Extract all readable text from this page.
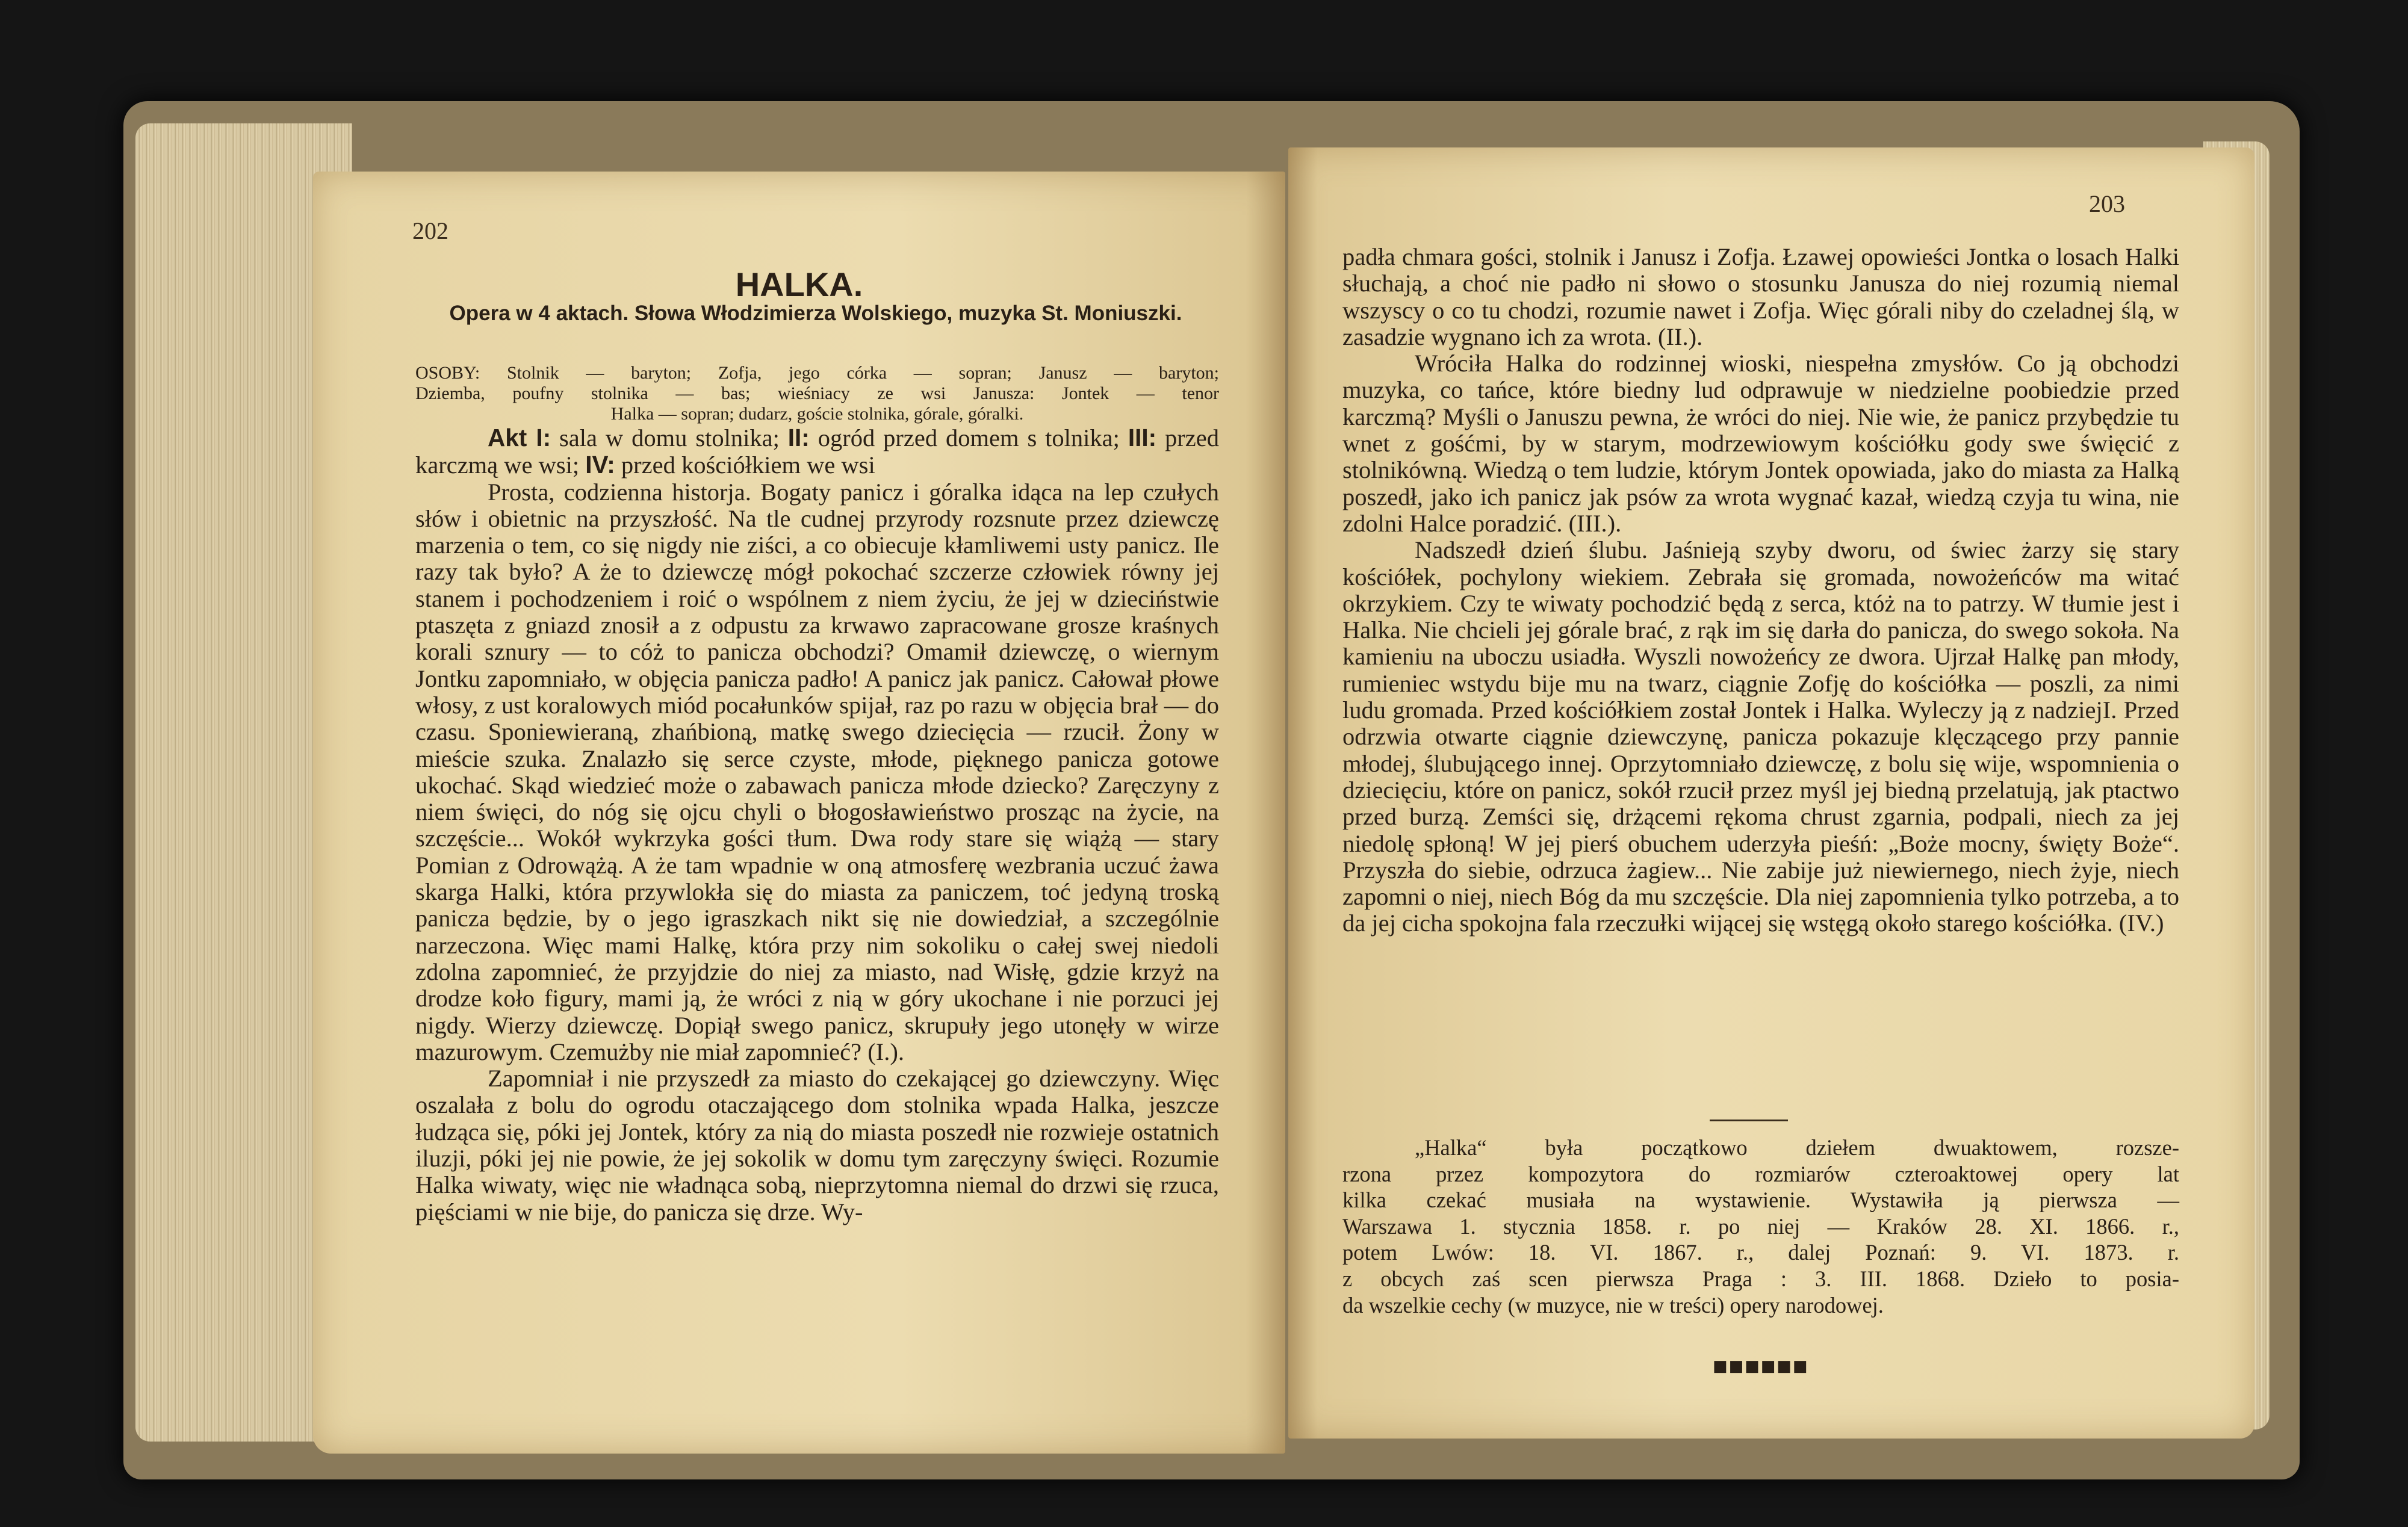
202
HALKA.
Opera w 4 aktach. Słowa Włodzimierza Wolskiego, muzyka St. Moniuszki.
OSOBY: Stolnik — baryton; Zofja, jego córka — sopran; Janusz — baryton;
Dziemba, poufny stolnika — bas; wieśniacy ze wsi Janusza: Jontek — tenor
Halka — sopran; dudarz, goście stolnika, górale, góralki.

Akt I: sala w domu stolnika; II: ogród przed domem s tolnika; III: przed karczmą we wsi; IV: przed kościółkiem we wsi

Prosta, codzienna historja. Bogaty panicz i góralka idąca na lep czułych słów i obietnic na przyszłość. Na tle cudnej przyrody rozsnute przez dziewczę marzenia o tem, co się nigdy nie ziści, a co obiecuje kłamliwemi usty panicz. Ile razy tak było? A że to dziewczę mógł pokochać szczerze człowiek równy jej stanem i pochodzeniem i roić o wspólnem z niem życiu, że jej w dzieciństwie ptaszęta z gniazd znosił a z odpustu za krwawo zapracowane grosze kraśnych korali sznury — to cóż to panicza obchodzi? Omamił dziewczę, o wiernym Jontku zapomniało, w objęcia panicza padło! A panicz jak panicz. Całował płowe włosy, z ust koralowych miód pocałunków spijał, raz po razu w objęcia brał — do czasu. Sponiewieraną, zhańbioną, matkę swego dziecięcia — rzucił. Żony w mieście szuka. Znalazło się serce czyste, młode, pięknego panicza gotowe ukochać. Skąd wiedzieć może o zabawach panicza młode dziecko? Zaręczyny z niem święci, do nóg się ojcu chyli o błogosławieństwo prosząc na życie, na szczęście... Wokół wykrzyka gości tłum. Dwa rody stare się wiążą — stary Pomian z Odrowążą. A że tam wpadnie w oną atmosferę wezbrania uczuć żawa skarga Halki, która przywlokła się do miasta za paniczem, toć jedyną troską panicza będzie, by o jego igraszkach nikt się nie dowiedział, a szczególnie narzeczona. Więc mami Halkę, która przy nim sokoliku o całej swej niedoli zdolna zapomnieć, że przyjdzie do niej za miasto, nad Wisłę, gdzie krzyż na drodze koło figury, mami ją, że wróci z nią w góry ukochane i nie porzuci jej nigdy. Wierzy dziewczę. Dopiął swego panicz, skrupuły jego utonęły w wirze mazurowym. Czemużby nie miał zapomnieć? (I.).

Zapomniał i nie przyszedł za miasto do czekającej go dziewczyny. Więc oszalała z bolu do ogrodu otaczającego dom stolnika wpada Halka, jeszcze łudząca się, póki jej Jontek, który za nią do miasta poszedł nie rozwieje ostatnich iluzji, póki jej nie powie, że jej sokolik w domu tym zaręczyny święci. Rozumie Halka wiwaty, więc nie władnąca sobą, nieprzytomna niemal do drzwi się rzuca, pięściami w nie bije, do panicza się drze. Wy-

203

padła chmara gości, stolnik i Janusz i Zofja. Łzawej opowieści Jontka o losach Halki słuchają, a choć nie padło ni słowo o stosunku Janusza do niej rozumią niemal wszyscy o co tu chodzi, rozumie nawet i Zofja. Więc górali niby do czeladnej ślą, w zasadzie wygnano ich za wrota. (II.).

Wróciła Halka do rodzinnej wioski, niespełna zmysłów. Co ją obchodzi muzyka, co tańce, które biedny lud odprawuje w niedzielne poobiedzie przed karczmą? Myśli o Januszu pewna, że wróci do niej. Nie wie, że panicz przybędzie tu wnet z gośćmi, by w starym, modrzewiowym kościółku gody swe święcić z stolnikówną. Wiedzą o tem ludzie, którym Jontek opowiada, jako do miasta za Halką poszedł, jako ich panicz jak psów za wrota wygnać kazał, wiedzą czyja tu wina, nie zdolni Halce poradzić. (III.).

Nadszedł dzień ślubu. Jaśnieją szyby dworu, od świec żarzy się stary kościółek, pochylony wiekiem. Zebrała się gromada, nowożeńców ma witać okrzykiem. Czy te wiwaty pochodzić będą z serca, któż na to patrzy. W tłumie jest i Halka. Nie chcieli jej górale brać, z rąk im się darła do panicza, do swego sokoła. Na kamieniu na uboczu usiadła. Wyszli nowożeńcy ze dwora. Ujrzał Halkę pan młody, rumieniec wstydu bije mu na twarz, ciągnie Zofję do kościółka — poszli, za nimi ludu gromada. Przed kościółkiem został Jontek i Halka. Wyleczy ją z nadziejI. Przed odrzwia otwarte ciągnie dziewczynę, panicza pokazuje klęczącego przy pannie młodej, ślubującego innej. Oprzytomniało dziewczę, z bolu się wije, wspomnienia o dziecięciu, które on panicz, sokół rzucił przez myśl jej biedną przelatują, jak ptactwo przed burzą. Zemści się, drżącemi rękoma chrust zgarnia, podpali, niech za jej niedolę spłoną! W jej pierś obuchem uderzyła pieśń: „Boże mocny, święty Boże“. Przyszła do siebie, odrzuca żagiew... Nie zabije już niewiernego, niech żyje, niech zapomni o niej, niech Bóg da mu szczęście. Dla niej zapomnienia tylko potrzeba, a to da jej cicha spokojna fala rzeczułki wijącej się wstęgą około starego kościółka. (IV.)

„Halka“ była początkowo dziełem dwuaktowem, rozsze-
rzona przez kompozytora do rozmiarów czteroaktowej opery lat
kilka czekać musiała na wystawienie. Wystawiła ją pierwsza —
Warszawa 1. stycznia 1858. r. po niej — Kraków 28. XI. 1866. r.,
potem Lwów: 18. VI. 1867. r., dalej Poznań: 9. VI. 1873. r.
z obcych zaś scen pierwsza Praga : 3. III. 1868. Dzieło to posia-
da wszelkie cechy (w muzyce, nie w treści) opery narodowej.
■■■■■■
